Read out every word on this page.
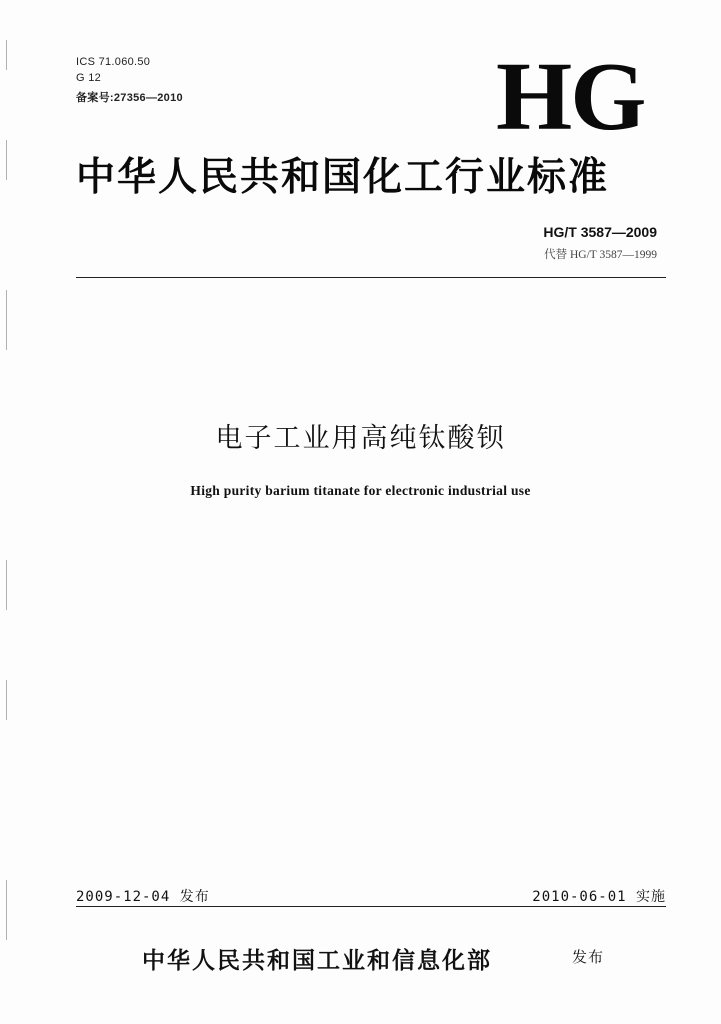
ICS 71.060.50
G 12
备案号:27356—2010	HG
中华人民共和国化工行业标准
HG/T 3587—2009
代替 HG/T 3587—1999
电子工业用高纯钛酸钡
High purity barium titanate for electronic industrial use
2009-12-04 发布	2010-06-01 实施
中华人民共和国工业和信息化部	发布
